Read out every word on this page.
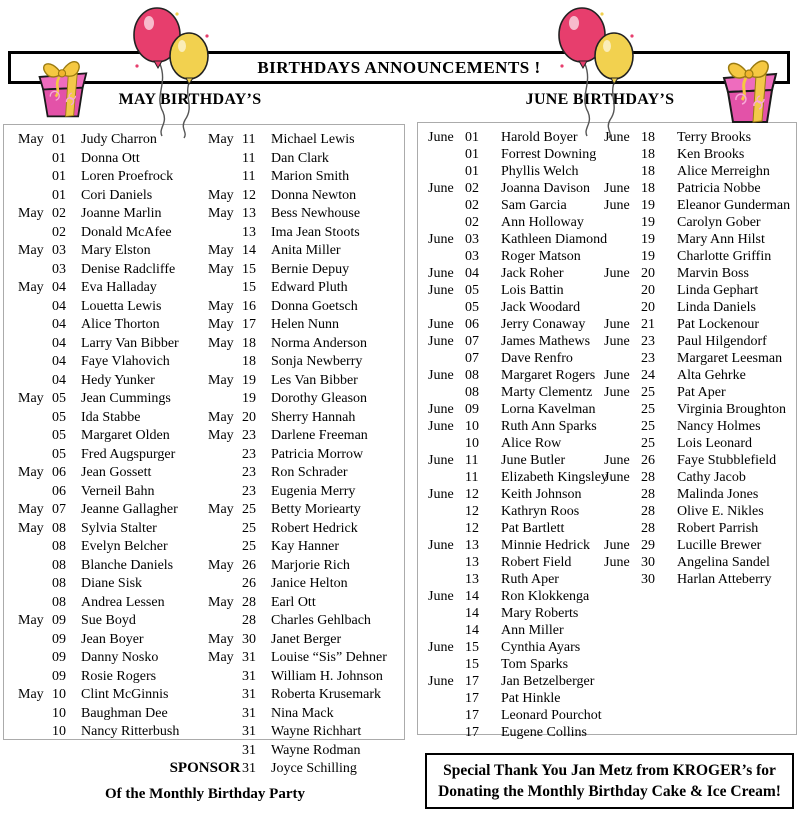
BIRTHDAYS ANNOUNCEMENTS !
MAY BIRTHDAY’S	JUNE BIRTHDAY’S
May 01	Judy Charron
01	Donna Ott
01	Loren Proefrock
01	Cori Daniels
May 02	Joanne Marlin
02	Donald McAfee
May 03	Mary Elston
03	Denise Radcliffe
May 04	Eva Halladay
04	Louetta Lewis
04	Alice Thorton
04	Larry Van Bibber
04	Faye Vlahovich
04	Hedy Yunker
May 05	Jean Cummings
05	Ida Stabbe
05	Margaret Olden
05	Fred Augspurger
May 06	Jean Gossett
06	Verneil Bahn
May 07	Jeanne Gallagher
May 08	Sylvia Stalter
08	Evelyn Belcher
08	Blanche Daniels
08	Diane Sisk
08	Andrea Lessen
May 09	Sue Boyd
09	Jean Boyer
09	Danny Nosko
09	Rosie Rogers
May 10	Clint McGinnis
10	Baughman Dee
10	Nancy Ritterbush
May 11	Michael Lewis
11	Dan Clark
11	Marion Smith
May 12	Donna Newton
May 13	Bess Newhouse
13	Ima Jean Stoots
May 14	Anita Miller
May 15	Bernie Depuy
15	Edward Pluth
May 16	Donna Goetsch
May 17	Helen Nunn
May 18	Norma Anderson
18	Sonja Newberry
May 19	Les Van Bibber
19	Dorothy Gleason
May 20	Sherry Hannah
May 23	Darlene Freeman
23	Patricia Morrow
23	Ron Schrader
23	Eugenia Merry
May 25	Betty Moriearty
25	Robert Hedrick
25	Kay Hanner
May 26	Marjorie Rich
26	Janice Helton
May 28	Earl Ott
28	Charles Gehlbach
May 30	Janet Berger
May 31	Louise “Sis” Dehner
31	William H. Johnson
31	Roberta Krusemark
31	Nina Mack
31	Wayne Richhart
31	Wayne Rodman
31	Joyce Schilling
June 01	Harold Boyer
01	Forrest Downing
01	Phyllis Welch
June 02	Joanna Davison
02	Sam Garcia
02	Ann Holloway
June 03	Kathleen Diamond
03	Roger Matson
June 04	Jack Roher
June 05	Lois Battin
05	Jack Woodard
June 06	Jerry Conaway
June 07	James Mathews
07	Dave Renfro
June 08	Margaret Rogers
08	Marty Clementz
June 09	Lorna Kavelman
June 10	Ruth Ann Sparks
10	Alice Row
June 11	June Butler
11	Elizabeth Kingsley
June 12	Keith Johnson
12	Kathryn Roos
12	Pat Bartlett
June 13	Minnie Hedrick
13	Robert Field
13	Ruth Aper
June 14	Ron Klokkenga
14	Mary Roberts
14	Ann Miller
June 15	Cynthia Ayars
15	Tom Sparks
June 17	Jan Betzelberger
17	Pat Hinkle
17	Leonard Pourchot
17	Eugene Collins
June 18	Terry Brooks
18	Ken Brooks
18	Alice Merreighn
June 18	Patricia Nobbe
June 19	Eleanor Gunderman
19	Carolyn Gober
19	Mary Ann Hilst
19	Charlotte Griffin
June 20	Marvin Boss
20	Linda Gephart
20	Linda Daniels
June 21	Pat Lockenour
June 23	Paul Hilgendorf
23	Margaret Leesman
June 24	Alta Gehrke
June 25	Pat Aper
25	Virginia Broughton
25	Nancy Holmes
25	Lois Leonard
June 26	Faye Stubblefield
June 28	Cathy Jacob
28	Malinda Jones
28	Olive E. Nikles
28	Robert Parrish
June 29	Lucille Brewer
June 30	Angelina Sandel
30	Harlan Atteberry
SPONSOR
Of the Monthly Birthday Party
Special Thank You Jan Metz from KROGER’s for Donating the Monthly Birthday Cake & Ice Cream!
